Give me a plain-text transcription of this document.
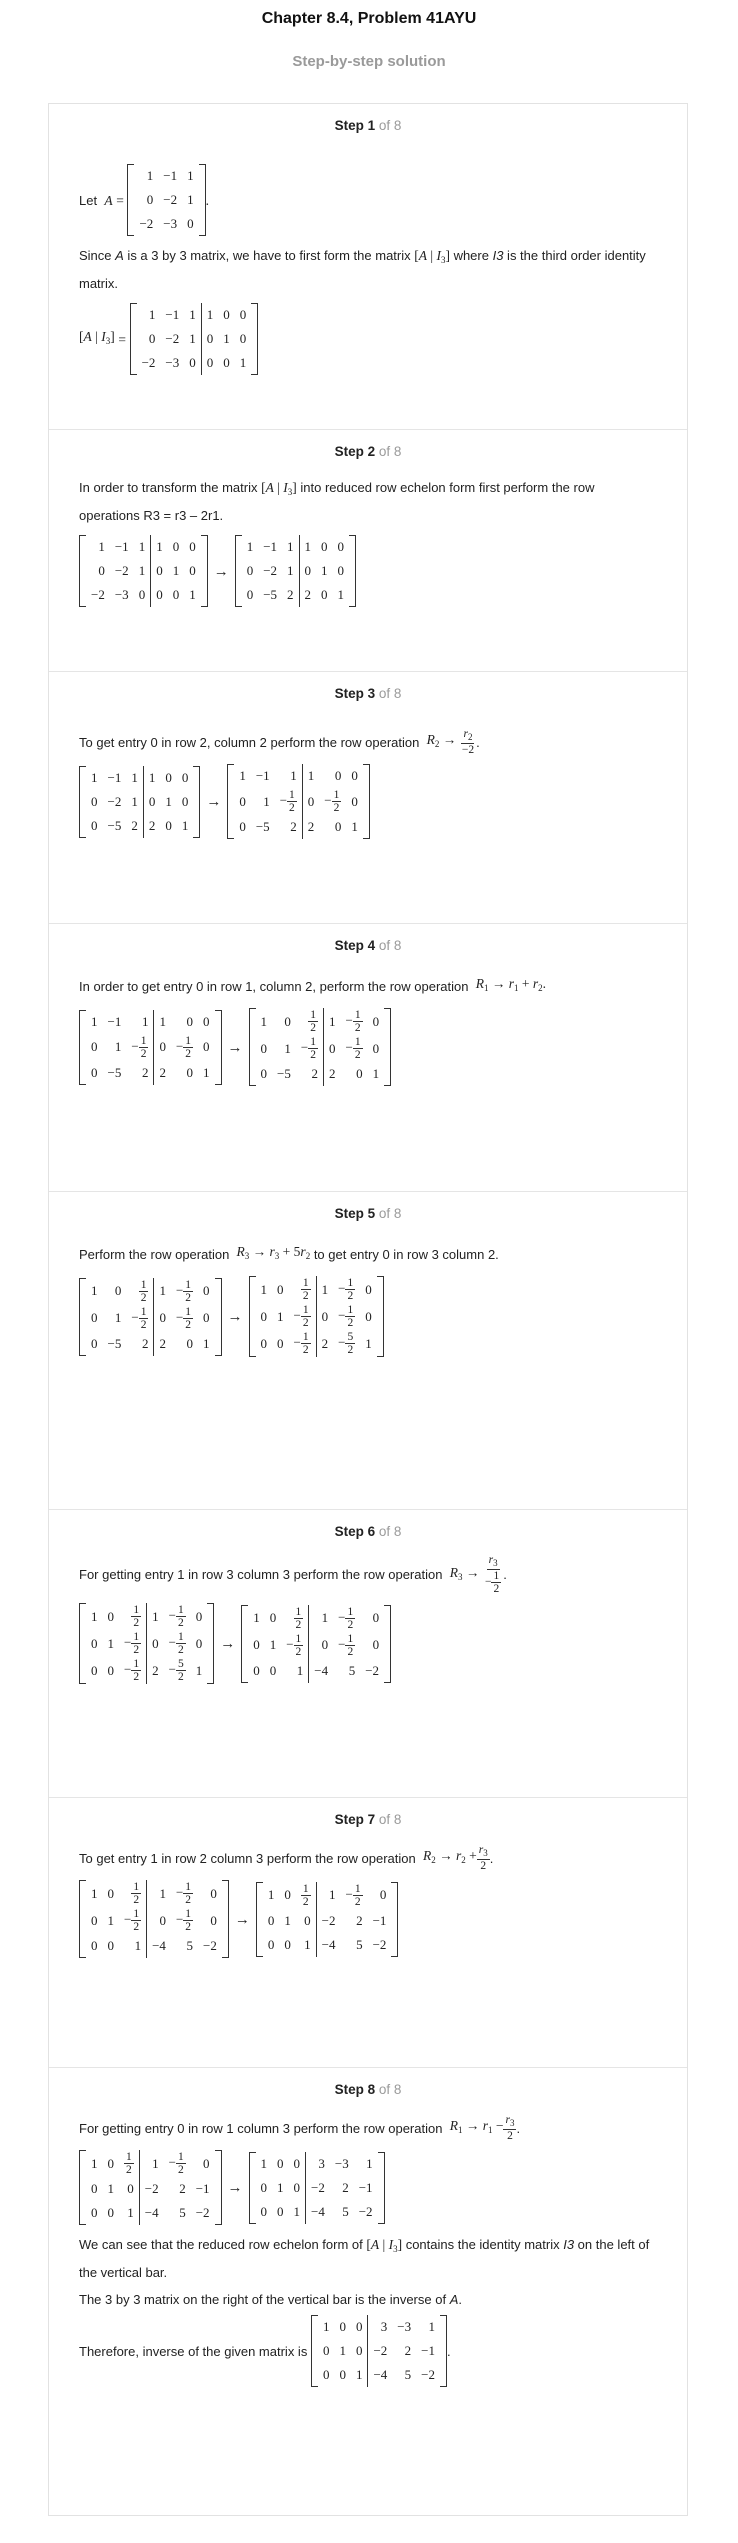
Chapter 8.4, Problem 41AYU
Step-by-step solution
Step 1 of 8
Let
A
=

1	−1	1
0	−2	1
−2	−3	0
.
Since A is a 3 by 3 matrix, we have to first form the matrix [A | $I_3$] where I3 is the third order identity matrix.
[A | $I_3$]
=

1	−1	1	1	0	0
0	−2	1	0	1	0
−2	−3	0	0	0	1
Step 2 of 8
In order to transform the matrix [A | $I_3$] into reduced row echelon form first perform the row operations R3 = r3 – 2r1.
1	−1	1	1	0	0
0	−2	1	0	1	0
−2	−3	0	0	0	1
→
1	−1	1	1	0	0
0	−2	1	0	1	0
0	−5	2	2	0	1
Step 3 of 8
To get entry 0 in row 2, column 2 perform the row operation
$R_2$ →
$\frac{r_2}{-2}$ .
1	−1	1	1	0	0
0	−2	1	0	1	0
0	−5	2	2	0	1
→
1	−1	1	1	0	0
0	1	− $\frac{1}{2}$	0	− $\frac{1}{2}$	0
0	−5	2	2	0	1
Step 4 of 8
In order to get entry 0 in row 1, column 2, perform the row operation
$R_1 \to r_1 + r_2$.
1	−1	1	1	0	0
0	1	− $\frac{1}{2}$	0	− $\frac{1}{2}$	0
0	−5	2	2	0	1
→
1	0	$\frac{1}{2}$	1	− $\frac{1}{2}$	0
0	1	− $\frac{1}{2}$	0	− $\frac{1}{2}$	0
0	−5	2	2	0	1
Step 5 of 8
Perform the row operation
$R_3 \to r_3 + 5r_2$
to get entry 0 in row 3 column 2.
1	0	$\frac{1}{2}$	1	− $\frac{1}{2}$	0
0	1	− $\frac{1}{2}$	0	− $\frac{1}{2}$	0
0	−5	2	2	0	1
→
1	0	$\frac{1}{2}$	1	− $\frac{1}{2}$	0
0	1	− $\frac{1}{2}$	0	− $\frac{1}{2}$	0
0	0	− $\frac{1}{2}$	2	− $\frac{5}{2}$	1
Step 6 of 8
For getting entry 1 in row 3 column 3 perform the row operation
$R_3$ →
$\frac{r_3}{- \frac{1}{2}}$ .
1	0	$\frac{1}{2}$	1	− $\frac{1}{2}$	0
0	1	− $\frac{1}{2}$	0	− $\frac{1}{2}$	0
0	0	− $\frac{1}{2}$	2	− $\frac{5}{2}$	1
→
1	0	$\frac{1}{2}$	1	− $\frac{1}{2}$	0
0	1	− $\frac{1}{2}$	0	− $\frac{1}{2}$	0
0	0	1	−4	5	−2
Step 7 of 8
To get entry 1 in row 2 column 3 perform the row operation
$R_2 \to r_2 + \frac{r_3}{2}$ .
1	0	$\frac{1}{2}$	1	− $\frac{1}{2}$	0
0	1	− $\frac{1}{2}$	0	− $\frac{1}{2}$	0
0	0	1	−4	5	−2
→
1	0	$\frac{1}{2}$	1	− $\frac{1}{2}$	0
0	1	0	−2	2	−1
0	0	1	−4	5	−2
Step 8 of 8
For getting entry 0 in row 1 column 3 perform the row operation
$R_1 \to r_1 - \frac{r_3}{2}$ .
1	0	$\frac{1}{2}$	1	− $\frac{1}{2}$	0
0	1	0	−2	2	−1
0	0	1	−4	5	−2
→
1	0	0	3	−3	1
0	1	0	−2	2	−1
0	0	1	−4	5	−2
We can see that the reduced row echelon form of [A | $I_3$] contains the identity matrix I3 on the left of the vertical bar.
The 3 by 3 matrix on the right of the vertical bar is the inverse of A.
Therefore, inverse of the given matrix is

1	0	0	3	−3	1
0	1	0	−2	2	−1
0	0	1	−4	5	−2
.
